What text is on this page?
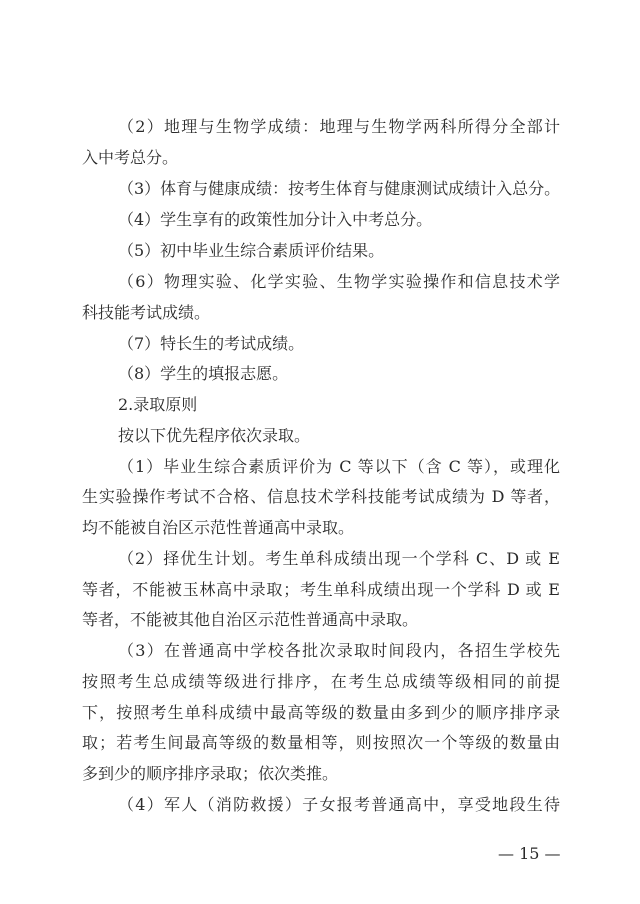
（2）地理与生物学成绩：地理与生物学两科所得分全部计
入中考总分。
（3）体育与健康成绩：按考生体育与健康测试成绩计入总分。
（4）学生享有的政策性加分计入中考总分。
（5）初中毕业生综合素质评价结果。
（6）物理实验、化学实验、生物学实验操作和信息技术学
科技能考试成绩。
（7）特长生的考试成绩。
（8）学生的填报志愿。
2.录取原则
按以下优先程序依次录取。
（1）毕业生综合素质评价为 C 等以下（含 C 等），或理化
生实验操作考试不合格、信息技术学科技能考试成绩为 D 等者，
均不能被自治区示范性普通高中录取。
（2）择优生计划。考生单科成绩出现一个学科 C、D 或 E
等者，不能被玉林高中录取；考生单科成绩出现一个学科 D 或 E
等者，不能被其他自治区示范性普通高中录取。
（3）在普通高中学校各批次录取时间段内，各招生学校先
按照考生总成绩等级进行排序，在考生总成绩等级相同的前提
下，按照考生单科成绩中最高等级的数量由多到少的顺序排序录
取；若考生间最高等级的数量相等，则按照次一个等级的数量由
多到少的顺序排序录取；依次类推。
（4）军人（消防救援）子女报考普通高中，享受地段生待
— 15 —
